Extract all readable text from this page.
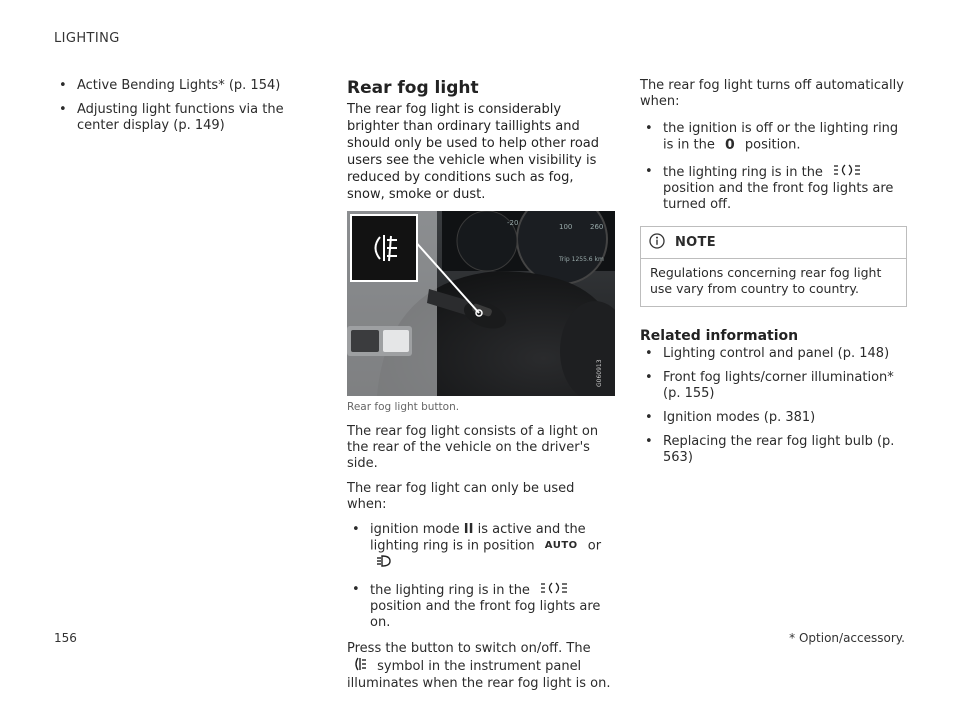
LIGHTING
• Active Bending Lights* (p. 154)
• Adjusting light functions via the center display (p. 149)
Rear fog light

The rear fog light is considerably brighter than ordinary taillights and should only be used to help other road users see the vehicle when visibility is reduced by conditions such as fog, snow, smoke or dust.

-20	100	260
Trip 1255.6 km
G060913
Rear fog light button.

The rear fog light consists of a light on the rear of the vehicle on the driver's side.

The rear fog light can only be used when:

• ignition mode II is active and the lighting ring is in position AUTO or
• the lighting ring is in the  position and the front fog lights are on.

Press the button to switch on/off. The  symbol in the instrument panel illuminates when the rear fog light is on.

The rear fog light turns off automatically when:

• the ignition is off or the lighting ring is in the 0 position.
• the lighting ring is in the  position and the front fog lights are turned off.
NOTE
Regulations concerning rear fog light use vary from country to country.
Related information
• Lighting control and panel (p. 148)
• Front fog lights/corner illumination* (p. 155)
• Ignition modes (p. 381)
• Replacing the rear fog light bulb (p. 563)
156	* Option/accessory.
